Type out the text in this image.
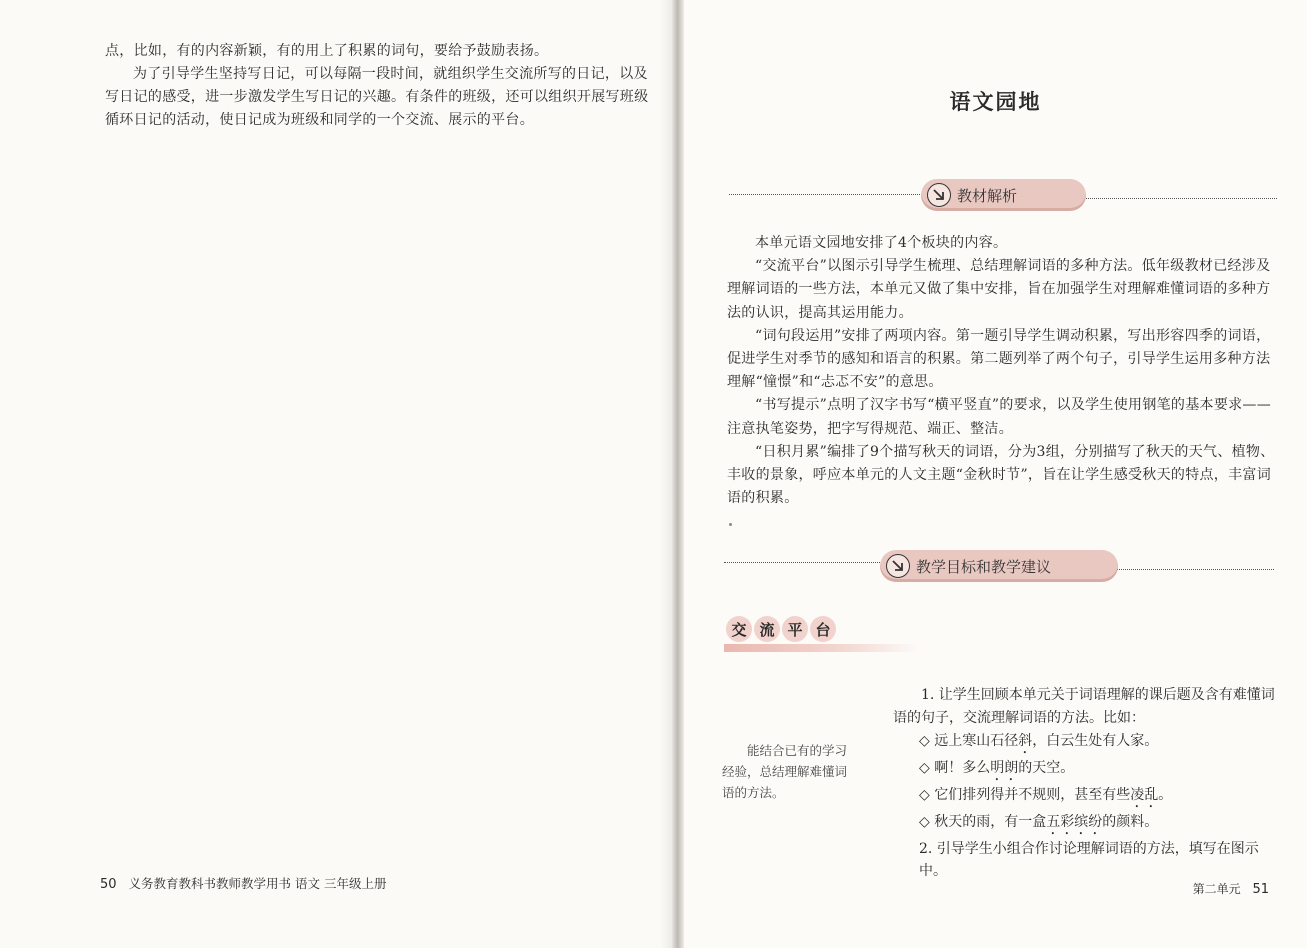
点，比如，有的内容新颖，有的用上了积累的词句，要给予鼓励表扬。

为了引导学生坚持写日记，可以每隔一段时间，就组织学生交流所写的日记，以及写日记的感受，进一步激发学生写日记的兴趣。有条件的班级，还可以组织开展写班级循环日记的活动，使日记成为班级和同学的一个交流、展示的平台。

50 义务教育教科书教师教学用书 语文 三年级上册
语文园地
教材解析

本单元语文园地安排了4个板块的内容。

“交流平台”以图示引导学生梳理、总结理解词语的多种方法。低年级教材已经涉及理解词语的一些方法，本单元又做了集中安排，旨在加强学生对理解难懂词语的多种方法的认识，提高其运用能力。

“词句段运用”安排了两项内容。第一题引导学生调动积累，写出形容四季的词语，促进学生对季节的感知和语言的积累。第二题列举了两个句子，引导学生运用多种方法理解“憧憬”和“忐忑不安”的意思。

“书写提示”点明了汉字书写“横平竖直”的要求，以及学生使用钢笔的基本要求——注意执笔姿势，把字写得规范、端正、整洁。

“日积月累”编排了9个描写秋天的词语，分为3组，分别描写了秋天的天气、植物、丰收的景象，呼应本单元的人文主题“金秋时节”，旨在让学生感受秋天的特点，丰富词语的积累。

教学目标和教学建议
交 流 平 台
能结合已有的学习
经验，总结理解难懂词
语的方法。

1. 让学生回顾本单元关于词语理解的课后题及含有难懂词语的句子，交流理解词语的方法。比如：

◇ 远上寒山石径斜，白云生处有人家。

◇ 啊！多么明朗的天空。

◇ 它们排列得并不规则，甚至有些凌乱。

◇ 秋天的雨，有一盒五彩缤纷的颜料。

2. 引导学生小组合作讨论理解词语的方法，填写在图示中。

第二单元 51
